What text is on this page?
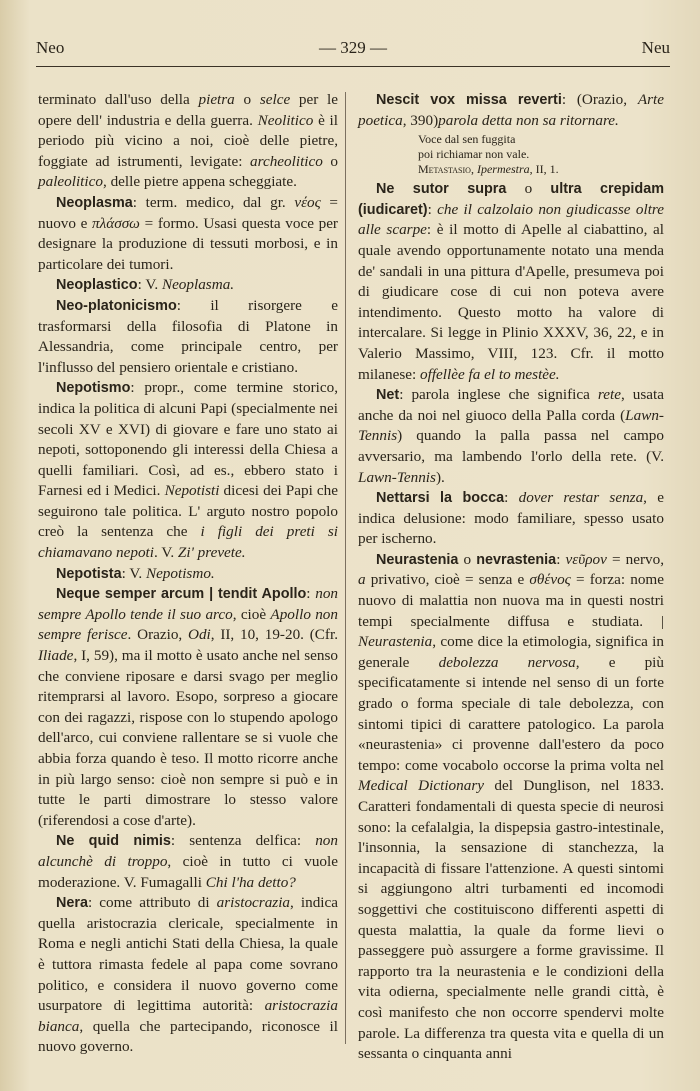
Neo	— 329 —	Neu

terminato dall'uso della pietra o selce per le opere dell' industria e della guerra. Neolitico è il periodo più vicino a noi, cioè delle pietre, foggiate ad istrumenti, levigate: archeolitico o paleolitico, delle pietre appena scheggiate.

Neoplasma: term. medico, dal gr. νέος = nuovo e πλάσσω = formo. Usasi questa voce per designare la produzione di tessuti morbosi, e in particolare dei tumori.

Neoplastico: V. Neoplasma.

Neo-platonicismo: il risorgere e trasformarsi della filosofia di Platone in Alessandria, come principale centro, per l'influsso del pensiero orientale e cristiano.

Nepotismo: propr., come termine storico, indica la politica di alcuni Papi (specialmente nei secoli XV e XVI) di giovare e fare uno stato ai nepoti, sottoponendo gli interessi della Chiesa a quelli familiari. Così, ad es., ebbero stato i Farnesi ed i Medici. Nepotisti dicesi dei Papi che seguirono tale politica. L' arguto nostro popolo creò la sentenza che i figli dei preti si chiamavano nepoti. V. Zi' prevete.

Nepotista: V. Nepotismo.

Neque semper arcum | tendit Apollo: non sempre Apollo tende il suo arco, cioè Apollo non sempre ferisce. Orazio, Odi, II, 10, 19-20. (Cfr. Iliade, I, 59), ma il motto è usato anche nel senso che conviene riposare e darsi svago per meglio ritemprarsi al lavoro. Esopo, sorpreso a giocare con dei ragazzi, rispose con lo stupendo apologo dell'arco, cui conviene rallentare se si vuole che abbia forza quando è teso. Il motto ricorre anche in più largo senso: cioè non sempre si può e in tutte le parti dimostrare lo stesso valore (riferendosi a cose d'arte).

Ne quid nimis: sentenza delfica: non alcunchè di troppo, cioè in tutto ci vuole moderazione. V. Fumagalli Chi l'ha detto?

Nera: come attributo di aristocrazia, indica quella aristocrazia clericale, specialmente in Roma e negli antichi Stati della Chiesa, la quale è tuttora rimasta fedele al papa come sovrano politico, e considera il nuovo governo come usurpatore di legittima autorità: aristocrazia bianca, quella che partecipando, riconosce il nuovo governo.

Nescit vox missa reverti: (Orazio, Arte poetica, 390)parola detta non sa ritornare.

Voce dal sen fuggita
poi richiamar non vale.
Metastasio, Ipermestra, II, 1.

Ne sutor supra o ultra crepidam (iudicaret): che il calzolaio non giudicasse oltre alle scarpe: è il motto di Apelle al ciabattino, al quale avendo opportunamente notato una menda de' sandali in una pittura d'Apelle, presumeva poi di giudicare cose di cui non poteva avere intendimento. Questo motto ha valore di intercalare. Si legge in Plinio XXXV, 36, 22, e in Valerio Massimo, VIII, 123. Cfr. il motto milanese: offellèe fa el to mestèe.

Net: parola inglese che significa rete, usata anche da noi nel giuoco della Palla corda (Lawn-Tennis) quando la palla passa nel campo avversario, ma lambendo l'orlo della rete. (V. Lawn-Tennis).

Nettarsi la bocca: dover restar senza, e indica delusione: modo familiare, spesso usato per ischerno.

Neurastenia o nevrastenia: νεῦρον = nervo, a privativo, cioè = senza e σθένος = forza: nome nuovo di malattia non nuova ma in questi nostri tempi specialmente diffusa e studiata. | Neurastenia, come dice la etimologia, significa in generale debolezza nervosa, e più specificatamente si intende nel senso di un forte grado o forma speciale di tale debolezza, con sintomi tipici di carattere patologico. La parola «neurastenia» ci provenne dall'estero da poco tempo: come vocabolo occorse la prima volta nel Medical Dictionary del Dunglison, nel 1833. Caratteri fondamentali di questa specie di neurosi sono: la cefalalgia, la dispepsia gastro-intestinale, l'insonnia, la sensazione di stanchezza, la incapacità di fissare l'attenzione. A questi sintomi si aggiungono altri turbamenti ed incomodi soggettivi che costituiscono differenti aspetti di questa malattia, la quale da forme lievi o passeggere può assurgere a forme gravissime. Il rapporto tra la neurastenia e le condizioni della vita odierna, specialmente nelle grandi città, è così manifesto che non occorre spendervi molte parole. La differenza tra questa vita e quella di un sessanta o cinquanta anni
